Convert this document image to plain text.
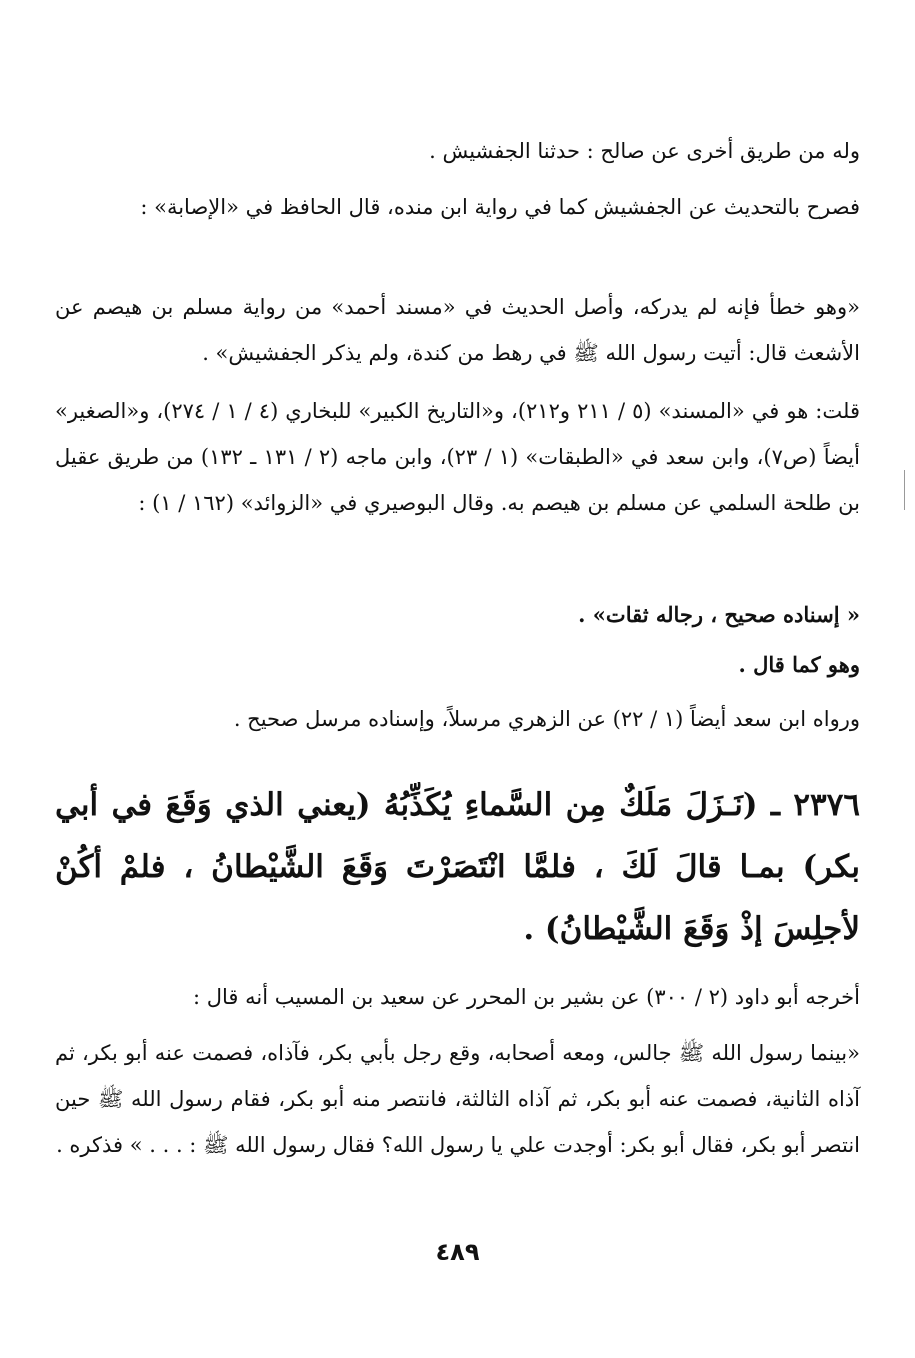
وله من طريق أخرى عن صالح : حدثنا الجفشيش .

فصرح بالتحديث عن الجفشيش كما في رواية ابن منده، قال الحافظ في «الإصابة» :

«وهو خطأ فإنه لم يدركه، وأصل الحديث في «مسند أحمد» من رواية مسلم بن هيصم عن الأشعث قال: أتيت رسول الله ﷺ في رهط من كندة، ولم يذكر الجفشيش» .

قلت: هو في «المسند» (٥ / ٢١١ و٢١٢)، و«التاريخ الكبير» للبخاري (٤ / ١ / ٢٧٤)، و«الصغير» أيضاً (ص٧)، وابن سعد في «الطبقات» (١ / ٢٣)، وابن ماجه (٢ / ١٣١ ـ ١٣٢) من طريق عقيل بن طلحة السلمي عن مسلم بن هيصم به. وقال البوصيري في «الزوائد» (١٦٢ / ١) :

« إسناده صحيح ، رجاله ثقات» .

وهو كما قال .

ورواه ابن سعد أيضاً (١ / ٢٢) عن الزهري مرسلاً، وإسناده مرسل صحيح .

٢٣٧٦ ـ (نَـزَلَ مَلَكٌ مِن السَّماءِ يُكَذِّبُهُ (يعني الذي وَقَعَ في أبي بكر) بمـا قالَ لَكَ ، فلمَّا انْتَصَرْتَ وَقَعَ الشَّيْطانُ ، فلمْ أكُنْ لأجلِسَ إذْ وَقَعَ الشَّيْطانُ) .

أخرجه أبو داود (٢ / ٣٠٠) عن بشير بن المحرر عن سعيد بن المسيب أنه قال :

«بينما رسول الله ﷺ جالس، ومعه أصحابه، وقع رجل بأبي بكر، فآذاه، فصمت عنه أبو بكر، ثم آذاه الثانية، فصمت عنه أبو بكر، ثم آذاه الثالثة، فانتصر منه أبو بكر، فقام رسول الله ﷺ حين انتصر أبو بكر، فقال أبو بكر: أوجدت علي يا رسول الله؟ فقال رسول الله ﷺ : . . . » فذكره .

٤٨٩
